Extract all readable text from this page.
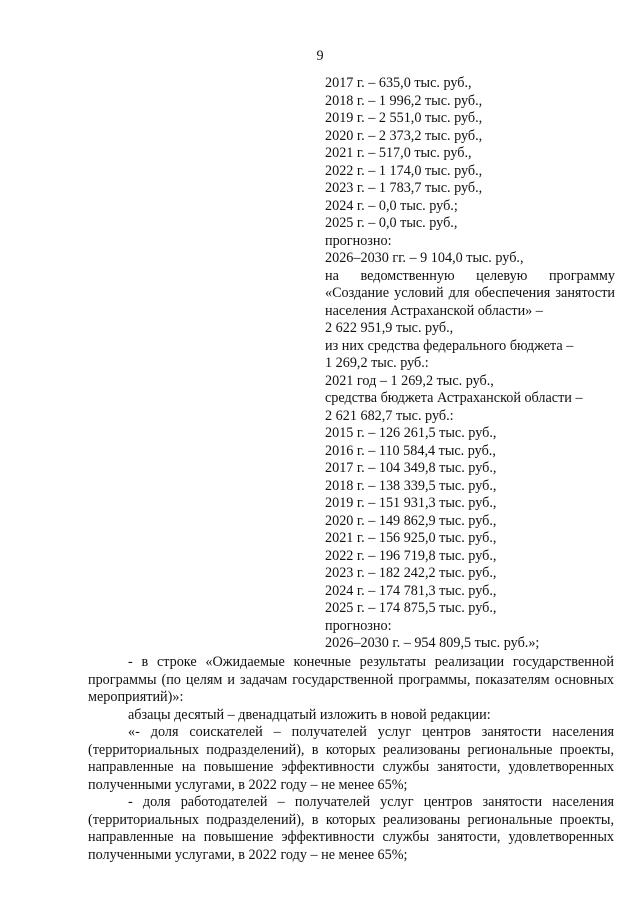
9
2017 г. – 635,0 тыс. руб.,
2018 г. – 1 996,2 тыс. руб.,
2019 г. – 2 551,0 тыс. руб.,
2020 г. – 2 373,2 тыс. руб.,
2021 г. – 517,0 тыс. руб.,
2022 г. – 1 174,0 тыс. руб.,
2023 г. – 1 783,7 тыс. руб.,
2024 г. – 0,0 тыс. руб.;
2025 г. – 0,0 тыс. руб.,
прогнозно:
2026–2030 гг. – 9 104,0 тыс. руб.,
на ведомственную целевую программу «Создание условий для обеспечения занятости населения Астраханской области» –
2 622 951,9 тыс. руб.,
из них средства федерального бюджета –
1 269,2 тыс. руб.:
2021 год – 1 269,2 тыс. руб.,
средства бюджета Астраханской области –
2 621 682,7 тыс. руб.:
2015 г. – 126 261,5 тыс. руб.,
2016 г. – 110 584,4 тыс. руб.,
2017 г. – 104 349,8 тыс. руб.,
2018 г. – 138 339,5 тыс. руб.,
2019 г. – 151 931,3 тыс. руб.,
2020 г. – 149 862,9 тыс. руб.,
2021 г. – 156 925,0 тыс. руб.,
2022 г. – 196 719,8 тыс. руб.,
2023 г. – 182 242,2 тыс. руб.,
2024 г. – 174 781,3 тыс. руб.,
2025 г. – 174 875,5 тыс. руб.,
прогнозно:
2026–2030 г. – 954 809,5 тыс. руб.»;

- в строке «Ожидаемые конечные результаты реализации государственной программы (по целям и задачам государственной программы, показателям основных мероприятий)»:

абзацы десятый – двенадцатый изложить в новой редакции:

«- доля соискателей – получателей услуг центров занятости населения (территориальных подразделений), в которых реализованы региональные проекты, направленные на повышение эффективности службы занятости, удовлетворенных полученными услугами, в 2022 году – не менее 65%;

- доля работодателей – получателей услуг центров занятости населения (территориальных подразделений), в которых реализованы региональные проекты, направленные на повышение эффективности службы занятости, удовлетворенных полученными услугами, в 2022 году – не менее 65%;
